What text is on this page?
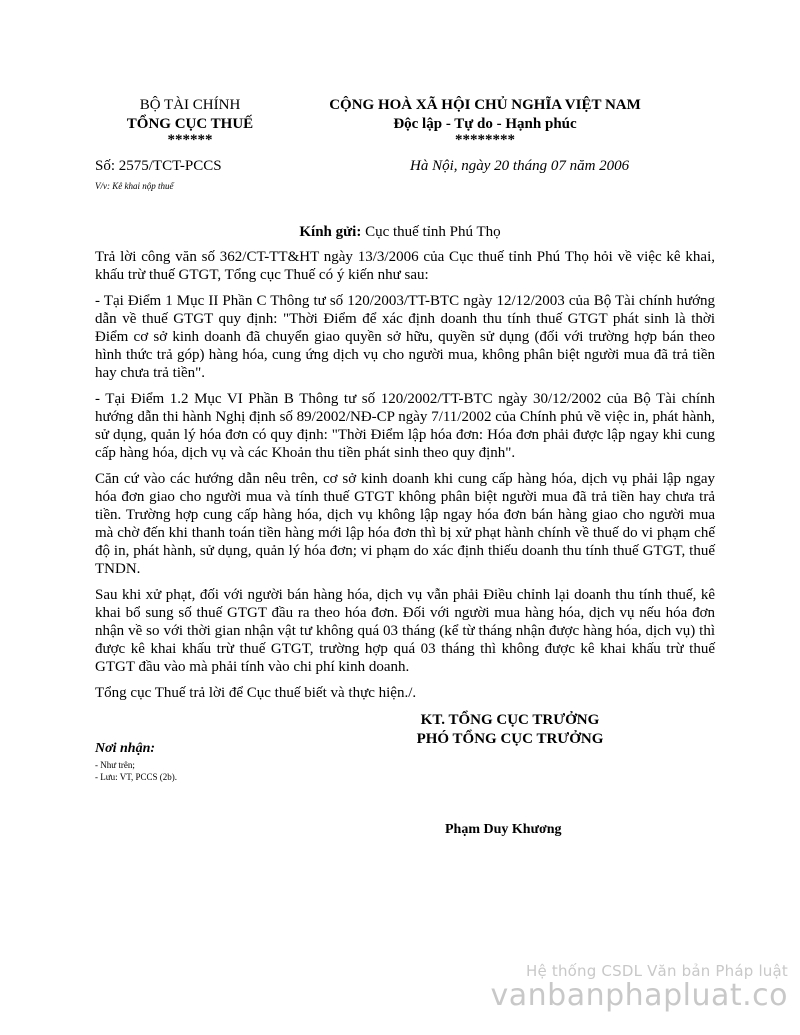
BỘ TÀI CHÍNH
TỔNG CỤC THUẾ
******
CỘNG HOÀ XÃ HỘI CHỦ NGHĨA VIỆT NAM
Độc lập - Tự do - Hạnh phúc
********
Số: 2575/TCT-PCCS
V/v: Kê khai nộp thuế
Hà Nội, ngày 20 tháng 07 năm 2006
Kính gửi: Cục thuế tỉnh Phú Thọ

Trả lời công văn số 362/CT-TT&HT ngày 13/3/2006 của Cục thuế tỉnh Phú Thọ hỏi về việc kê khai, khấu trừ thuế GTGT, Tổng cục Thuế có ý kiến như sau:

- Tại Điểm 1 Mục II Phần C Thông tư số 120/2003/TT-BTC ngày 12/12/2003 của Bộ Tài chính hướng dẫn về thuế GTGT quy định: "Thời Điểm để xác định doanh thu tính thuế GTGT phát sinh là thời Điểm cơ sở kinh doanh đã chuyển giao quyền sở hữu, quyền sử dụng (đối với trường hợp bán theo hình thức trả góp) hàng hóa, cung ứng dịch vụ cho người mua, không phân biệt người mua đã trả tiền hay chưa trả tiền".

- Tại Điểm 1.2 Mục VI Phần B Thông tư số 120/2002/TT-BTC ngày 30/12/2002 của Bộ Tài chính hướng dẫn thi hành Nghị định số 89/2002/NĐ-CP ngày 7/11/2002 của Chính phủ về việc in, phát hành, sử dụng, quản lý hóa đơn có quy định: "Thời Điểm lập hóa đơn: Hóa đơn phải được lập ngay khi cung cấp hàng hóa, dịch vụ và các Khoản thu tiền phát sinh theo quy định".

Căn cứ vào các hướng dẫn nêu trên, cơ sở kinh doanh khi cung cấp hàng hóa, dịch vụ phải lập ngay hóa đơn giao cho người mua và tính thuế GTGT không phân biệt người mua đã trả tiền hay chưa trả tiền. Trường hợp cung cấp hàng hóa, dịch vụ không lập ngay hóa đơn bán hàng giao cho người mua mà chờ đến khi thanh toán tiền hàng mới lập hóa đơn thì bị xử phạt hành chính về thuế do vi phạm chế độ in, phát hành, sử dụng, quản lý hóa đơn; vi phạm do xác định thiếu doanh thu tính thuế GTGT, thuế TNDN.

Sau khi xử phạt, đối với người bán hàng hóa, dịch vụ vẫn phải Điều chỉnh lại doanh thu tính thuế, kê khai bổ sung số thuế GTGT đầu ra theo hóa đơn. Đối với người mua hàng hóa, dịch vụ nếu hóa đơn nhận về so với thời gian nhận vật tư không quá 03 tháng (kể từ tháng nhận được hàng hóa, dịch vụ) thì được kê khai khấu trừ thuế GTGT, trường hợp quá 03 tháng thì không được kê khai khấu trừ thuế GTGT đầu vào mà phải tính vào chi phí kinh doanh.

Tổng cục Thuế trả lời để Cục thuế biết và thực hiện./.

KT. TỔNG CỤC TRƯỞNG
PHÓ TỔNG CỤC TRƯỞNG
Nơi nhận:
- Như trên;
- Lưu: VT, PCCS (2b).
Phạm Duy Khương
Hệ thống CSDL Văn bản Pháp luật
vanbanphapluat.co
